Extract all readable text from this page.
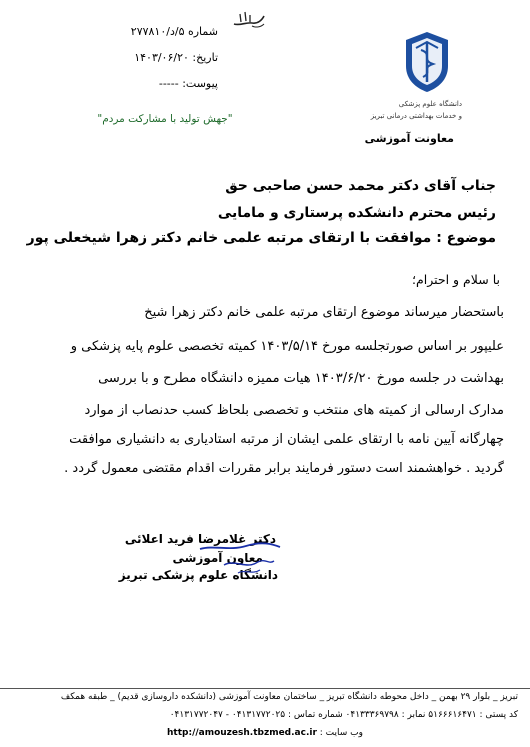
شماره ۵/د/۲۷۷۸۱۰
تاریخ: ۱۴۰۳/۰۶/۲۰
پیوست: -----
"جهش تولید با مشارکت مردم"
دانشگاه علوم پزشکی
و خدمات بهداشتی درمانی تبریز
معاونت آموزشی
جناب آقای دکتر محمد حسن صاحبی حق
رئیس محترم دانشکده پرستاری و مامایی
موضوع : موافقت با ارتقای مرتبه علمی خانم دکتر زهرا شیخعلی پور
با سلام و احترام؛
باستحضار میرساند موضوع ارتقای مرتبه علمی خانم دکتر زهرا شیخ
علیپور بر اساس صورتجلسه مورخ ۱۴۰۳/۵/۱۴ کمیته تخصصی علوم پایه پزشکی و
بهداشت در جلسه مورخ ۱۴۰۳/۶/۲۰ هیات ممیزه دانشگاه مطرح و با بررسی
مدارک ارسالی از کمیته های منتخب و تخصصی بلحاظ کسب حدنصاب از موارد
چهارگانه آیین نامه با ارتقای علمی ایشان از مرتبه استادیاری به دانشیاری موافقت
گردید . خواهشمند است دستور فرمایند برابر مقررات اقدام مقتضی معمول گردد .
دکتر غلامرضا فرید اعلائی
معاون آموزشی
دانشگاه علوم پزشکی تبریز
تبریز _ بلوار ۲۹ بهمن _ داخل محوطه دانشگاه تبریز _ ساختمان معاونت آموزشی (دانشکده داروسازی قدیم) _ طبقه همکف
کد پستی : ۵۱۶۶۶۱۶۴۷۱ نمابر : ۰۴۱۳۳۳۶۹۷۹۸ شماره تماس : ۰۴۱۳۱۷۷۲۰۲۵ - ۰۴۱۳۱۷۷۲۰۴۷
وب سایت : http://amouzesh.tbzmed.ac.ir
